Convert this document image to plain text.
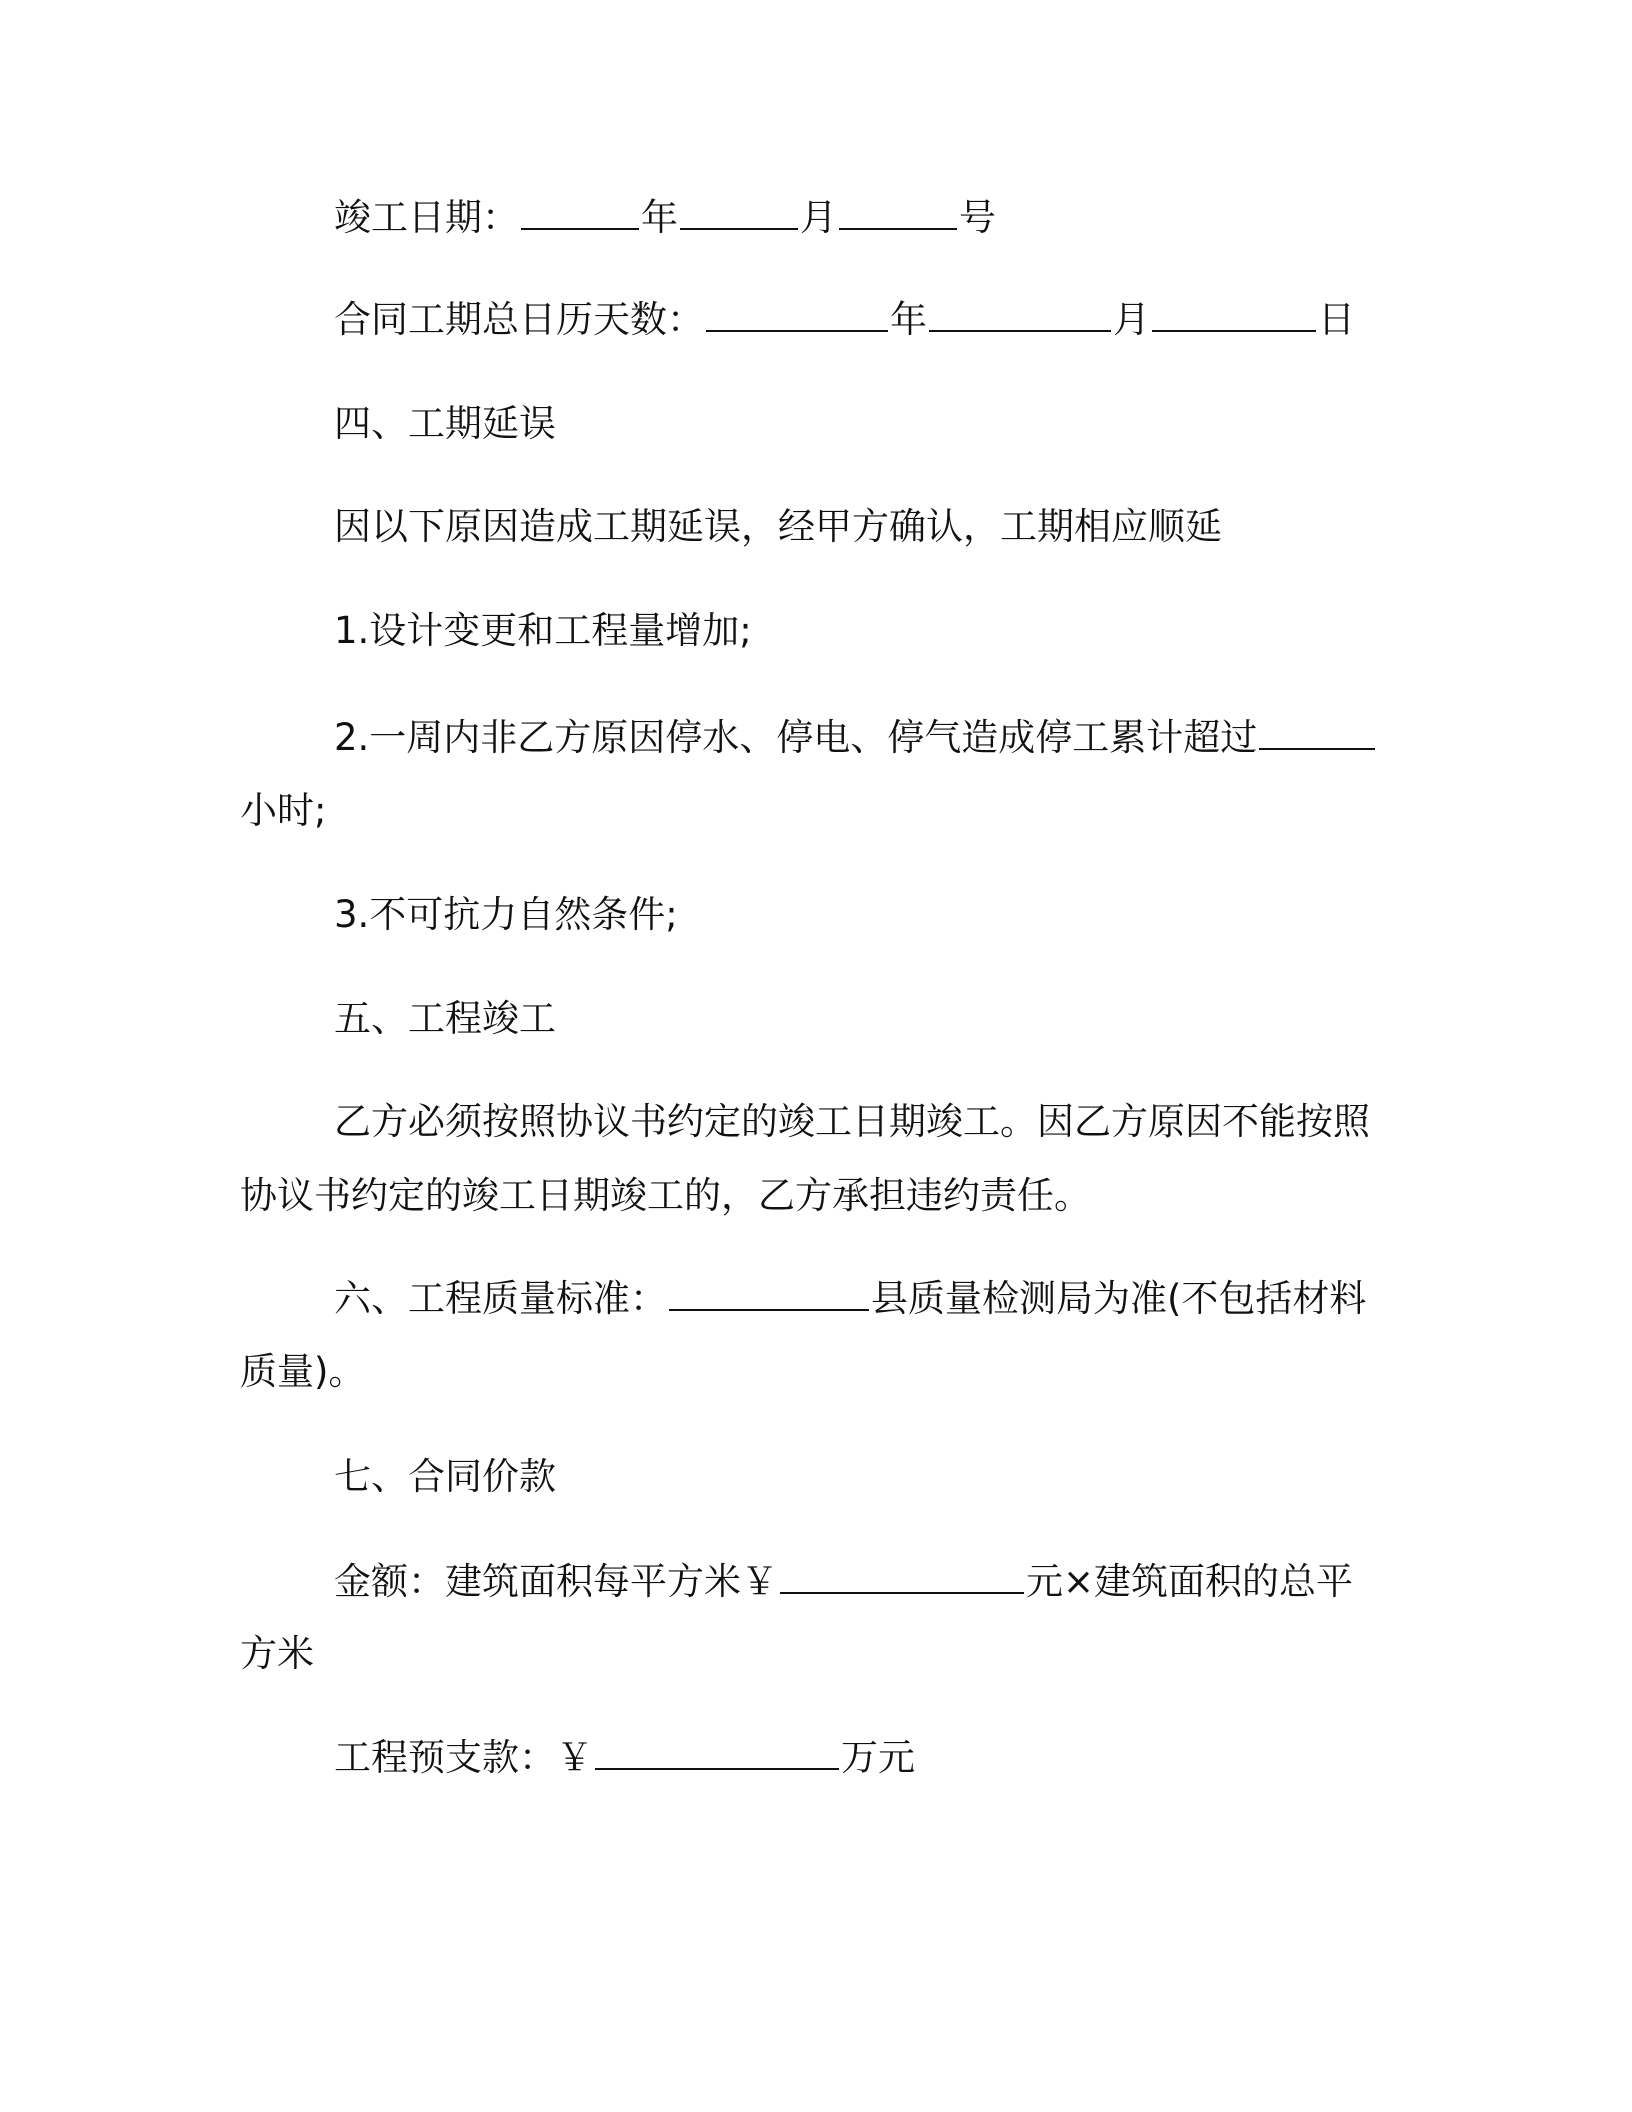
竣工日期：	年	月	号
合同工期总日历天数：	年	月	日
四、工期延误
因以下原因造成工期延误，经甲方确认，工期相应顺延
1.设计变更和工程量增加;
2.一周内非乙方原因停水、停电、停气造成停工累计超过
小时;
3.不可抗力自然条件;
五、工程竣工
乙方必须按照协议书约定的竣工日期竣工。因乙方原因不能按照
协议书约定的竣工日期竣工的，乙方承担违约责任。
六、工程质量标准：	县质量检测局为准(不包括材料
质量)。
七、合同价款
金额：建筑面积每平方米￥	元×建筑面积的总平
方米
工程预支款：￥	万元
